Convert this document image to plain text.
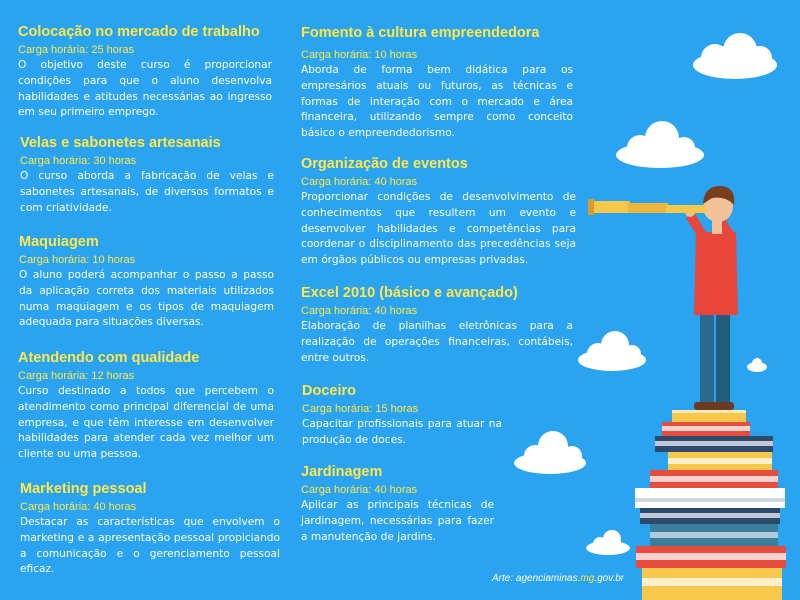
Colocação no mercado de trabalho
Carga horária: 25 horas
O objetivo deste curso é proporcionar condições para que o aluno desenvolva habilidades e atitudes necessárias ao ingresso em seu primeiro emprego.
Velas e sabonetes artesanais
Carga horária: 30 horas
O curso aborda a fabricação de velas e sabonetes artesanais, de diversos formatos e com criatividade.
Maquiagem
Carga horária: 10 horas
O aluno poderá acompanhar o passo a passo da aplicação correta dos materiais utilizados numa maquiagem e os tipos de maquiagem adequada para situações diversas.
Atendendo com qualidade
Carga horária: 12 horas
Curso destinado a todos que percebem o atendimento como principal diferencial de uma empresa, e que têm interesse em desenvolver habilidades para atender cada vez melhor um cliente ou uma pessoa.
Marketing pessoal
Carga horária: 40 horas
Destacar as características que envolvem o marketing e a apresentação pessoal propiciando a comunicação e o gerenciamento pessoal eficaz.
Fomento à cultura empreendedora
Carga horária: 10 horas
Aborda de forma bem didática para os empresários atuais ou futuros, as técnicas e formas de interação com o mercado e área financeira, utilizando sempre como conceito básico o empreendedorismo.
Organização de eventos
Carga horária: 40 horas
Proporcionar condições de desenvolvimento de conhecimentos que resultem um evento e desenvolver habilidades e competências para coordenar o disciplinamento das precedências seja em órgãos públicos ou empresas privadas.
Excel 2010 (básico e avançado)
Carga horária: 40 horas
Elaboração de planilhas eletrônicas para a realização de operações financeiras, contábeis, entre outros.
Doceiro
Carga horária: 15 horas
Capacitar profissionais para atuar na produção de doces.
Jardinagem
Carga horária: 40 horas
Aplicar as principais técnicas de jardinagem, necessárias para fazer a manutenção de jardins.
Arte: agenciaminas.mg.gov.br
